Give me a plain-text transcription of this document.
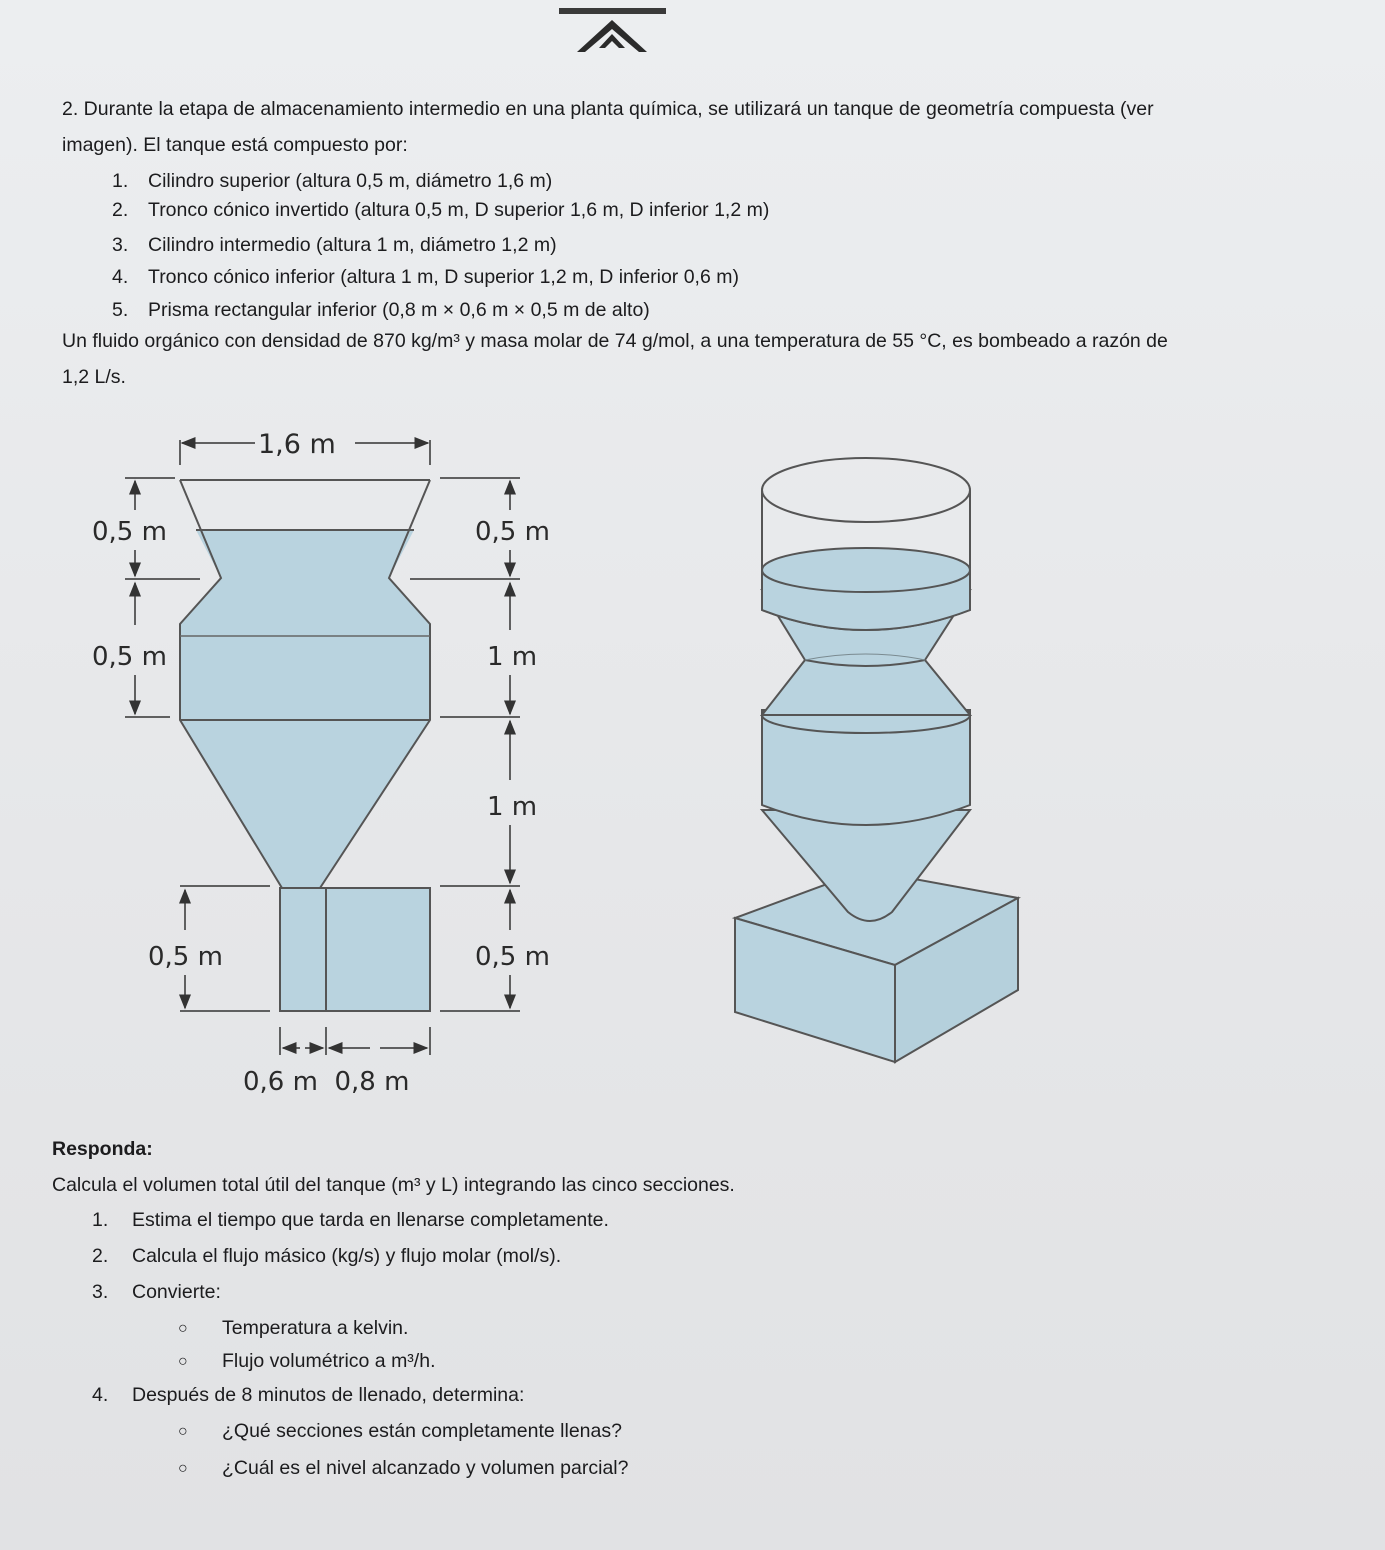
2. Durante la etapa de almacenamiento intermedio en una planta química, se utilizará un tanque de geometría compuesta (ver
imagen). El tanque está compuesto por:
1. Cilindro superior (altura 0,5 m, diámetro 1,6 m)
2. Tronco cónico invertido (altura 0,5 m, D superior 1,6 m, D inferior 1,2 m)
3. Cilindro intermedio (altura 1 m, diámetro 1,2 m)
4. Tronco cónico inferior (altura 1 m, D superior 1,2 m, D inferior 0,6 m)
5. Prisma rectangular inferior (0,8 m × 0,6 m × 0,5 m de alto)
Un fluido orgánico con densidad de 870 kg/m³ y masa molar de 74 g/mol, a una temperatura de 55 °C, es bombeado a razón de
1,2 L/s.
1,6 m
0,5 m	0,5 m
0,5 m	1 m
1 m
0,5 m	0,5 m
0,6 m  0,8 m
Responda:
Calcula el volumen total útil del tanque (m³ y L) integrando las cinco secciones.
1. Estima el tiempo que tarda en llenarse completamente.
2. Calcula el flujo másico (kg/s) y flujo molar (mol/s).
3. Convierte:
○ Temperatura a kelvin.
○ Flujo volumétrico a m³/h.
4. Después de 8 minutos de llenado, determina:
○ ¿Qué secciones están completamente llenas?
○ ¿Cuál es el nivel alcanzado y volumen parcial?
